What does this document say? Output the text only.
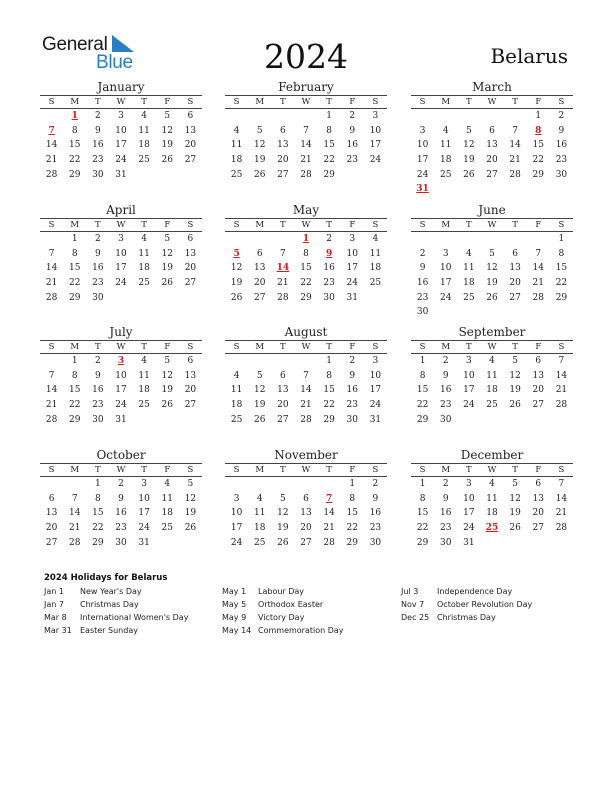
General
Blue	2024	Belarus
January
S	M	T	W	T	F	S
	1	2	3	4	5	6
7	8	9	10	11	12	13
14	15	16	17	18	19	20
21	22	23	24	25	26	27
28	29	30	31			
February
S	M	T	W	T	F	S
				1	2	3
4	5	6	7	8	9	10
11	12	13	14	15	16	17
18	19	20	21	22	23	24
25	26	27	28	29		
March
S	M	T	W	T	F	S
					1	2
3	4	5	6	7	8	9
10	11	12	13	14	15	16
17	18	19	20	21	22	23
24	25	26	27	28	29	30
31						
April
S	M	T	W	T	F	S
	1	2	3	4	5	6
7	8	9	10	11	12	13
14	15	16	17	18	19	20
21	22	23	24	25	26	27
28	29	30				
May
S	M	T	W	T	F	S
			1	2	3	4
5	6	7	8	9	10	11
12	13	14	15	16	17	18
19	20	21	22	23	24	25
26	27	28	29	30	31	
June
S	M	T	W	T	F	S
						1
2	3	4	5	6	7	8
9	10	11	12	13	14	15
16	17	18	19	20	21	22
23	24	25	26	27	28	29
30						
July
S	M	T	W	T	F	S
	1	2	3	4	5	6
7	8	9	10	11	12	13
14	15	16	17	18	19	20
21	22	23	24	25	26	27
28	29	30	31			
August
S	M	T	W	T	F	S
				1	2	3
4	5	6	7	8	9	10
11	12	13	14	15	16	17
18	19	20	21	22	23	24
25	26	27	28	29	30	31
September
S	M	T	W	T	F	S
1	2	3	4	5	6	7
8	9	10	11	12	13	14
15	16	17	18	19	20	21
22	23	24	25	26	27	28
29	30					
October
S	M	T	W	T	F	S
		1	2	3	4	5
6	7	8	9	10	11	12
13	14	15	16	17	18	19
20	21	22	23	24	25	26
27	28	29	30	31		
November
S	M	T	W	T	F	S
					1	2
3	4	5	6	7	8	9
10	11	12	13	14	15	16
17	18	19	20	21	22	23
24	25	26	27	28	29	30
December
S	M	T	W	T	F	S
1	2	3	4	5	6	7
8	9	10	11	12	13	14
15	16	17	18	19	20	21
22	23	24	25	26	27	28
29	30	31				
2024 Holidays for Belarus
Jan 1 New Year's Day
Jan 7 Christmas Day
Mar 8 International Women's Day
Mar 31 Easter Sunday
May 1 Labour Day
May 5 Orthodox Easter
May 9 Victory Day
May 14 Commemoration Day
Jul 3 Independence Day
Nov 7 October Revolution Day
Dec 25 Christmas Day
